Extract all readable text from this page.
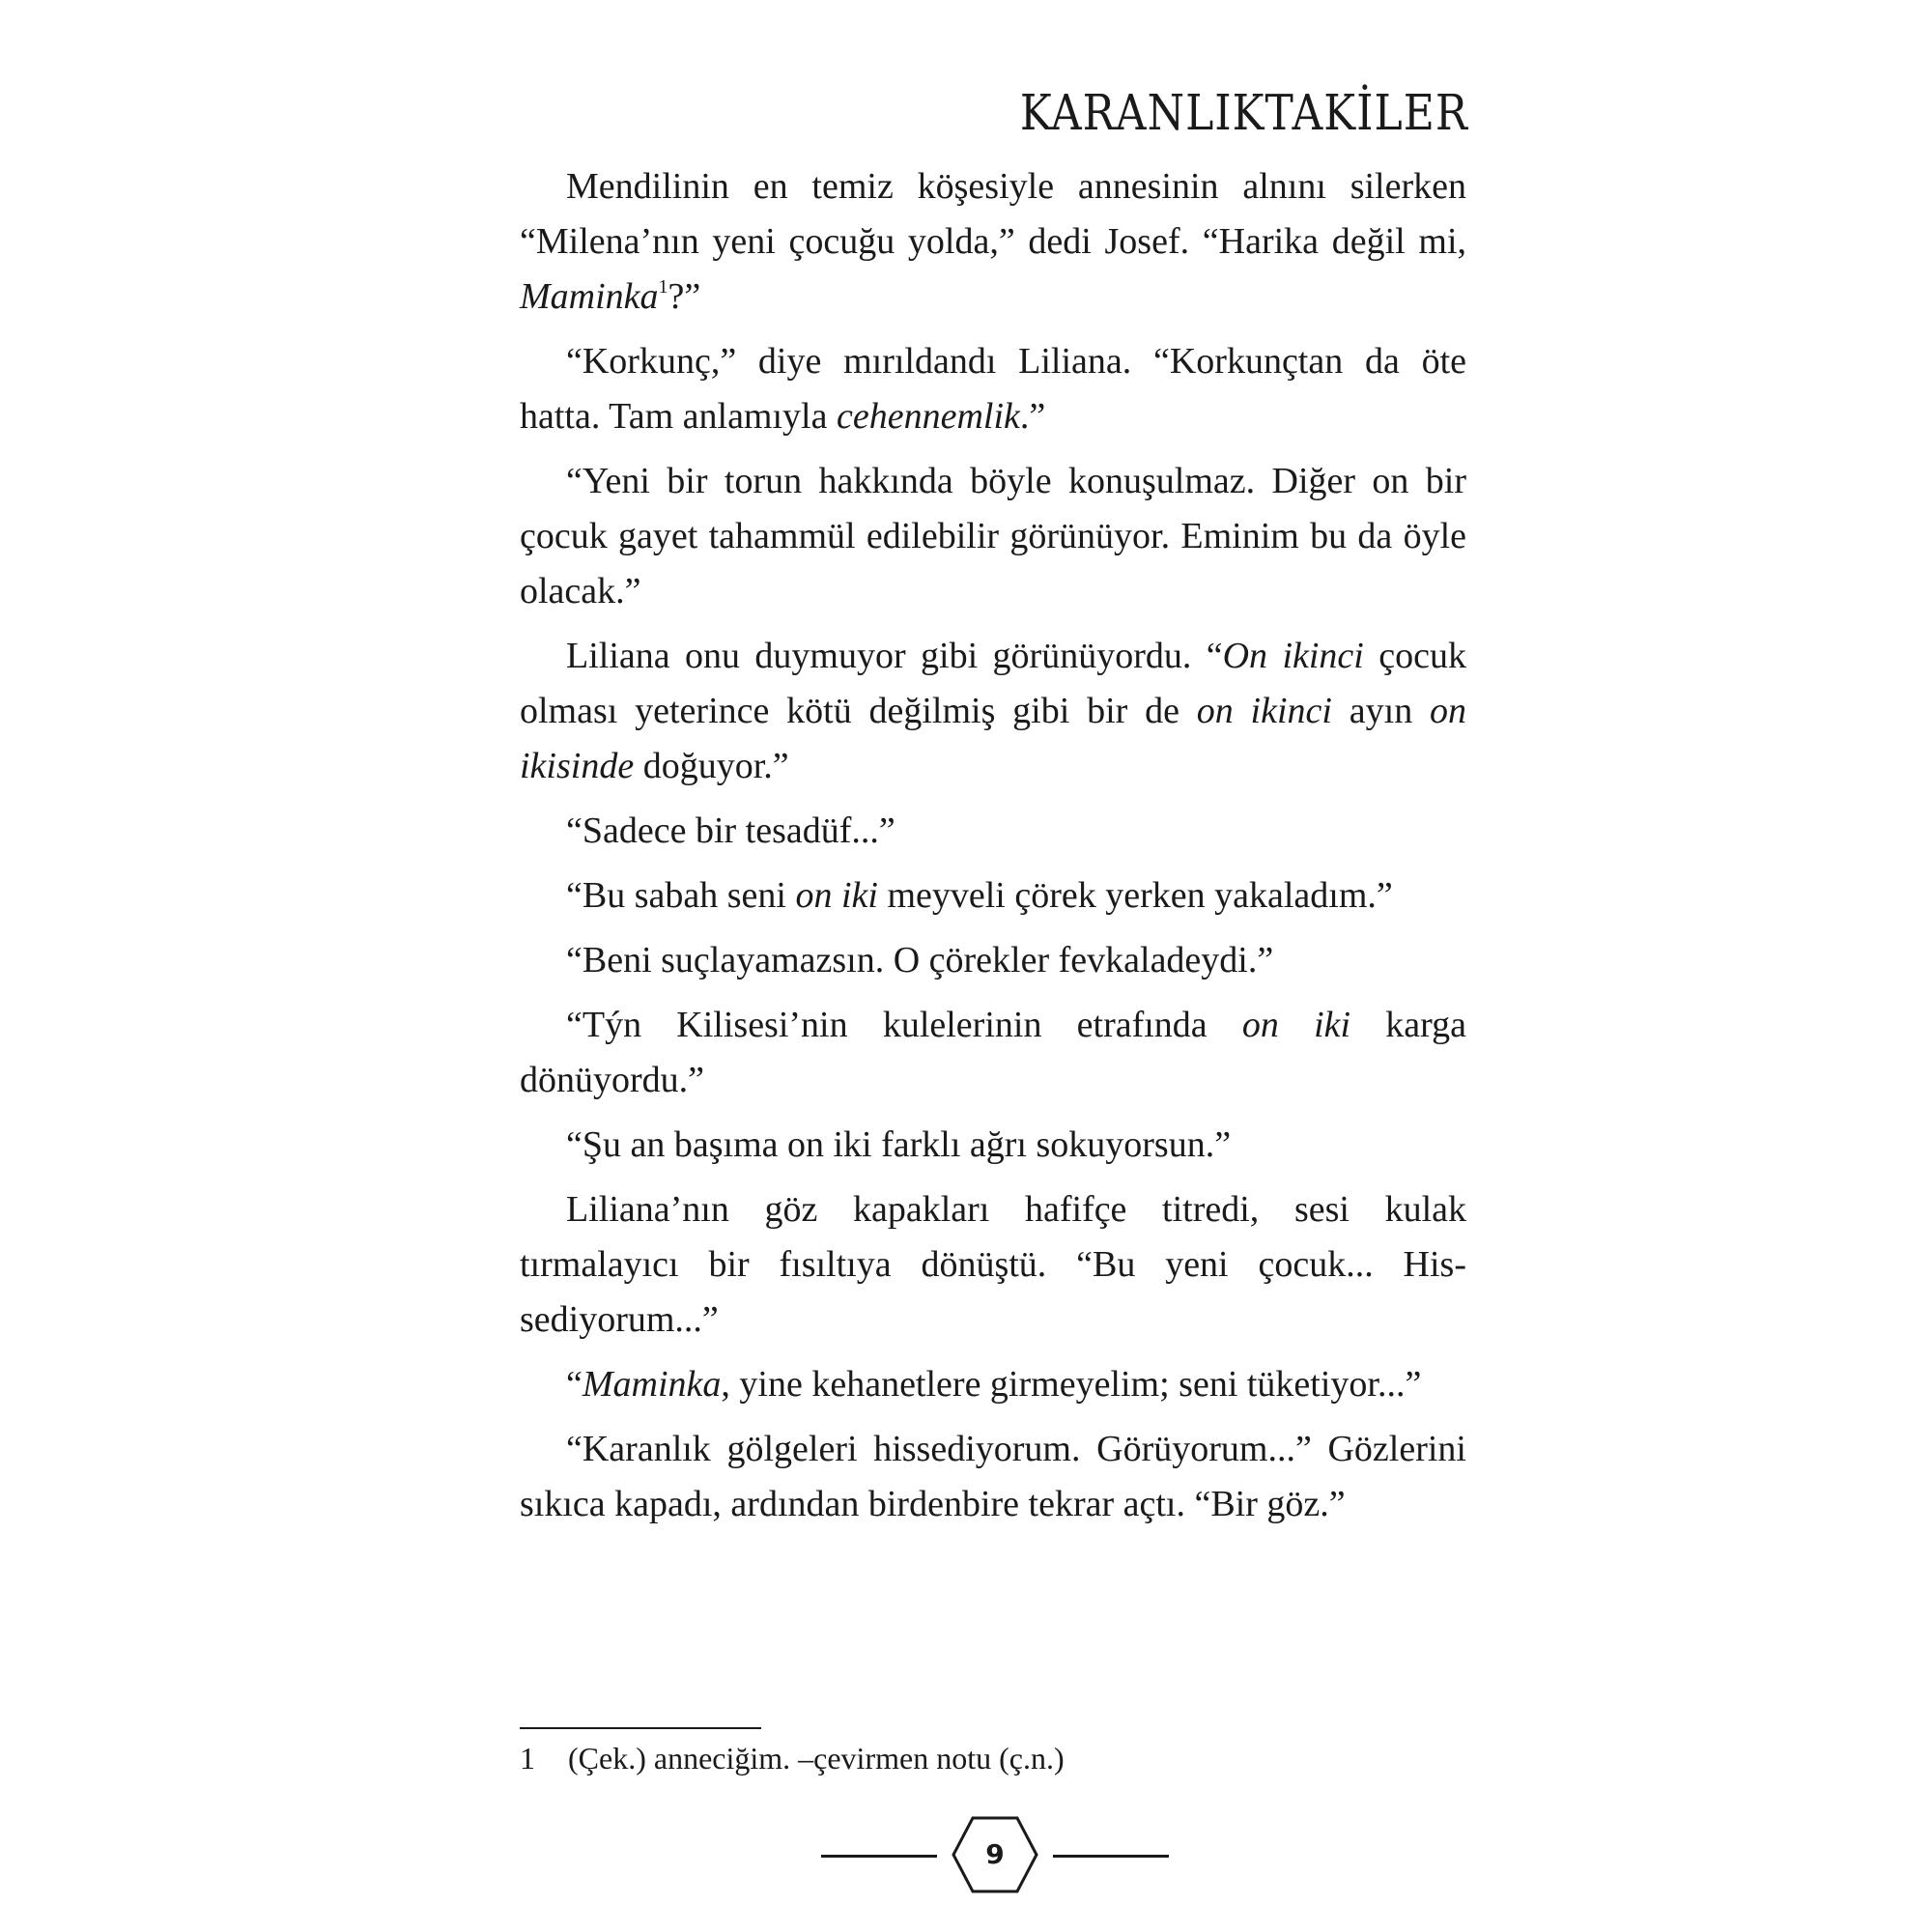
KARANLIKTAKİLER

Mendilinin en temiz köşesiyle annesinin alnını silerken “Milena’nın yeni çocuğu yolda,” dedi Josef. “Harika değil mi, Maminka$^1$?”

“Korkunç,” diye mırıldandı Liliana. “Korkunçtan da öte hatta. Tam anlamıyla cehennemlik.”

“Yeni bir torun hakkında böyle konuşulmaz. Diğer on bir çocuk gayet tahammül edilebilir görünüyor. Eminim bu da öyle olacak.”

Liliana onu duymuyor gibi görünüyordu. “On ikinci çocuk olması yeterince kötü değilmiş gibi bir de on ikinci ayın on ikisinde doğuyor.”

“Sadece bir tesadüf...”

“Bu sabah seni on iki meyveli çörek yerken yakaladım.”

“Beni suçlayamazsın. O çörekler fevkaladeydi.”

“Týn Kilisesi’nin kulelerinin etrafında on iki karga dönüyordu.”

“Şu an başıma on iki farklı ağrı sokuyorsun.”

Liliana’nın göz kapakları hafifçe titredi, sesi kulak tırmalayıcı bir fısıltıya dönüştü. “Bu yeni çocuk... Hissediyorum...”

“Maminka, yine kehanetlere girmeyelim; seni tüketiyor...”

“Karanlık gölgeleri hissediyorum. Görüyorum...” Gözlerini sıkıca kapadı, ardından birdenbire tekrar açtı. “Bir göz.”

1 (Çek.) anneciğim. –çevirmen notu (ç.n.)
9
